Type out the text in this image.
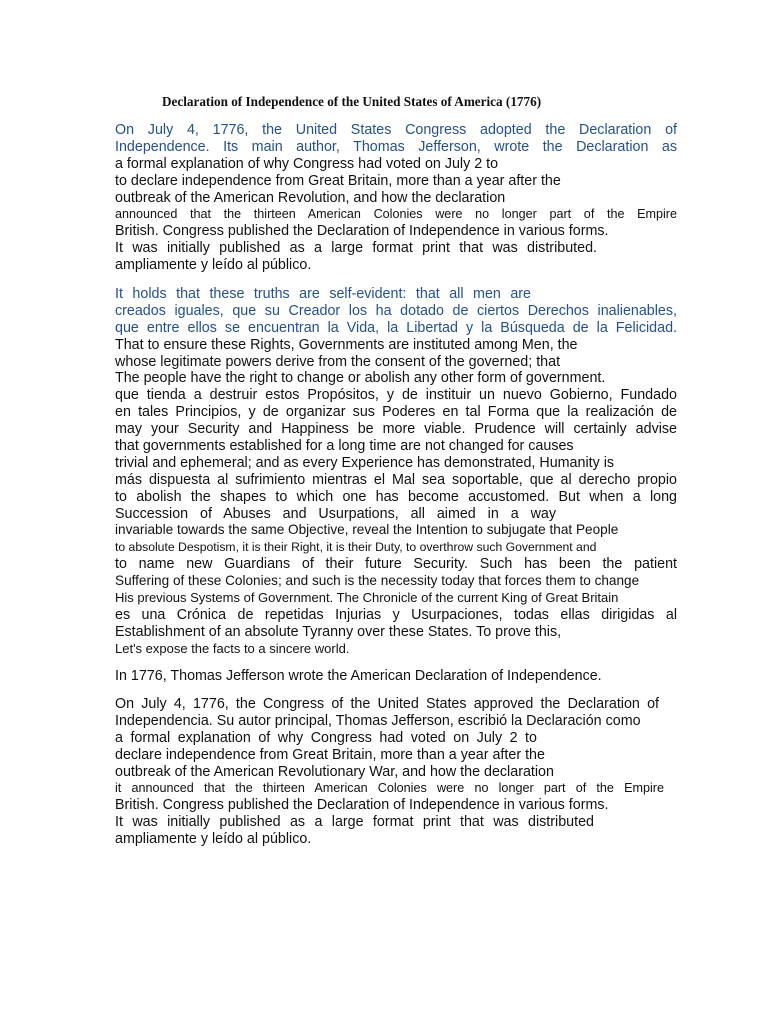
Declaration of Independence of the United States of America (1776)
On July 4, 1776, the United States Congress adopted the Declaration of
Independence. Its main author, Thomas Jefferson, wrote the Declaration as
a formal explanation of why Congress had voted on July 2 to
to declare independence from Great Britain, more than a year after the
outbreak of the American Revolution, and how the declaration
announced that the thirteen American Colonies were no longer part of the Empire
British. Congress published the Declaration of Independence in various forms.
It was initially published as a large format print that was distributed.
ampliamente y leído al público.
It holds that these truths are self-evident: that all men are
creados iguales, que su Creador los ha dotado de ciertos Derechos inalienables,
que entre ellos se encuentran la Vida, la Libertad y la Búsqueda de la Felicidad.
That to ensure these Rights, Governments are instituted among Men, the
whose legitimate powers derive from the consent of the governed; that
The people have the right to change or abolish any other form of government.
que tienda a destruir estos Propósitos, y de instituir un nuevo Gobierno, Fundado
en tales Principios, y de organizar sus Poderes en tal Forma que la realización de
may your Security and Happiness be more viable. Prudence will certainly advise
that governments established for a long time are not changed for causes
trivial and ephemeral; and as every Experience has demonstrated, Humanity is
más dispuesta al sufrimiento mientras el Mal sea soportable, que al derecho propio
to abolish the shapes to which one has become accustomed. But when a long
Succession of Abuses and Usurpations, all aimed in a way
invariable towards the same Objective, reveal the Intention to subjugate that People
to absolute Despotism, it is their Right, it is their Duty, to overthrow such Government and
to name new Guardians of their future Security. Such has been the patient
Suffering of these Colonies; and such is the necessity today that forces them to change
His previous Systems of Government. The Chronicle of the current King of Great Britain
es una Crónica de repetidas Injurias y Usurpaciones, todas ellas dirigidas al
Establishment of an absolute Tyranny over these States. To prove this,
Let's expose the facts to a sincere world.
In 1776, Thomas Jefferson wrote the American Declaration of Independence.
On July 4, 1776, the Congress of the United States approved the Declaration of
Independencia. Su autor principal, Thomas Jefferson, escribió la Declaración como
a formal explanation of why Congress had voted on July 2 to
declare independence from Great Britain, more than a year after the
outbreak of the American Revolutionary War, and how the declaration
it announced that the thirteen American Colonies were no longer part of the Empire
British. Congress published the Declaration of Independence in various forms.
It was initially published as a large format print that was distributed
ampliamente y leído al público.
